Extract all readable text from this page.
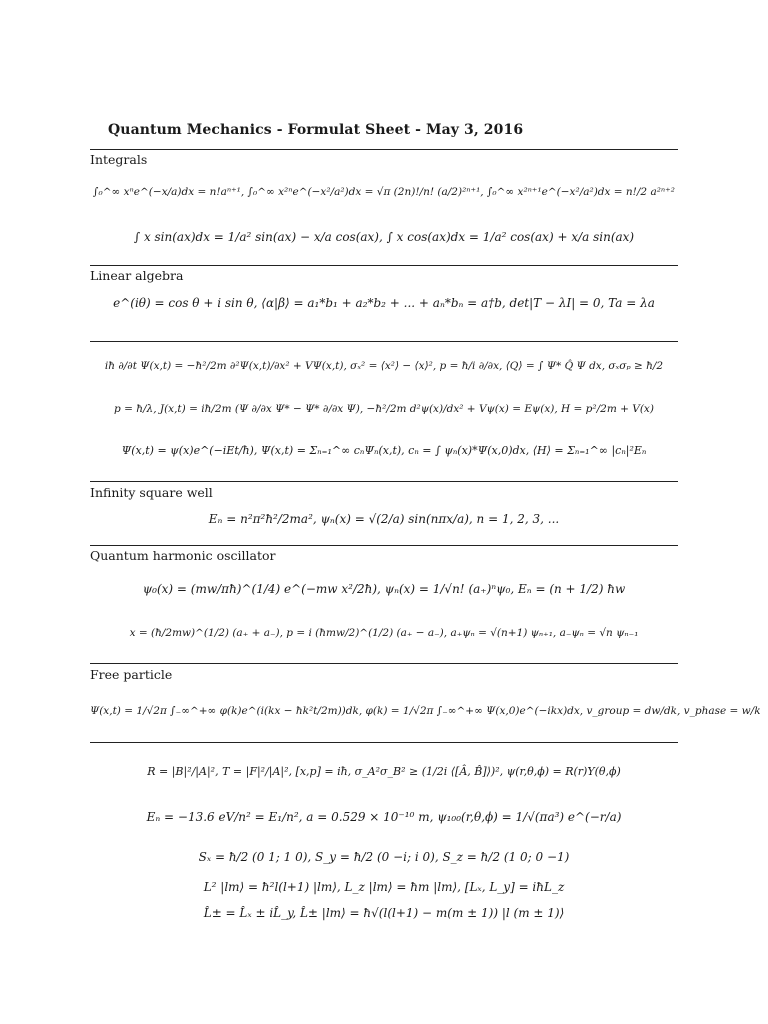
Quantum Mechanics - Formulat Sheet - May 3, 2016
Integrals
∫₀^∞ xⁿe^(−x/a)dx = n!aⁿ⁺¹, ∫₀^∞ x²ⁿe^(−x²/a²)dx = √π (2n)!/n! (a/2)²ⁿ⁺¹, ∫₀^∞ x²ⁿ⁺¹e^(−x²/a²)dx = n!/2 a²ⁿ⁺²
∫ x sin(ax)dx = 1/a² sin(ax) − x/a cos(ax), ∫ x cos(ax)dx = 1/a² cos(ax) + x/a sin(ax)
Linear algebra
e^(iθ) = cos θ + i sin θ, ⟨α|β⟩ = a₁*b₁ + a₂*b₂ + ... + aₙ*bₙ = a†b, det|T − λI| = 0, Ta = λa
iħ ∂/∂t Ψ(x,t) = −ħ²/2m ∂²Ψ(x,t)/∂x² + VΨ(x,t), σₓ² = ⟨x²⟩ − ⟨x⟩², p = ħ/i ∂/∂x, ⟨Q⟩ = ∫ Ψ* Q̂ Ψ dx, σₓσₚ ≥ ħ/2
p = ħ/λ, J(x,t) = iħ/2m (Ψ ∂/∂x Ψ* − Ψ* ∂/∂x Ψ), −ħ²/2m d²ψ(x)/dx² + Vψ(x) = Eψ(x), H = p²/2m + V(x)
Ψ(x,t) = ψ(x)e^(−iEt/ħ), Ψ(x,t) = Σₙ₌₁^∞ cₙΨₙ(x,t), cₙ = ∫ ψₙ(x)*Ψ(x,0)dx, ⟨H⟩ = Σₙ₌₁^∞ |cₙ|²Eₙ
Infinity square well
Eₙ = n²π²ħ²/2ma², ψₙ(x) = √(2/a) sin(nπx/a), n = 1, 2, 3, ...
Quantum harmonic oscillator
ψ₀(x) = (mw/πħ)^(1/4) e^(−mw x²/2ħ), ψₙ(x) = 1/√n! (a₊)ⁿψ₀, Eₙ = (n + 1/2) ħw
x = (ħ/2mw)^(1/2) (a₊ + a₋), p = i (ħmw/2)^(1/2) (a₊ − a₋), a₊ψₙ = √(n+1) ψₙ₊₁, a₋ψₙ = √n ψₙ₋₁
Free particle
Ψ(x,t) = 1/√2π ∫₋∞^+∞ φ(k)e^(i(kx − ħk²t/2m))dk, φ(k) = 1/√2π ∫₋∞^+∞ Ψ(x,0)e^(−ikx)dx, v_group = dw/dk, v_phase = w/k
R = |B|²/|A|², T = |F|²/|A|², [x,p] = iħ, σ_A²σ_B² ≥ (1/2i ⟨[Â, B̂]⟩)², ψ(r,θ,ϕ) = R(r)Y(θ,ϕ)
Eₙ = −13.6 eV/n² = E₁/n², a = 0.529 × 10⁻¹⁰ m, ψ₁₀₀(r,θ,ϕ) = 1/√(πa³) e^(−r/a)
Sₓ = ħ/2 (0 1; 1 0), S_y = ħ/2 (0 −i; i 0), S_z = ħ/2 (1 0; 0 −1)
L² |lm⟩ = ħ²l(l+1) |lm⟩, L_z |lm⟩ = ħm |lm⟩, [Lₓ, L_y] = iħL_z
L̂± = L̂ₓ ± iL̂_y, L̂± |lm⟩ = ħ√(l(l+1) − m(m ± 1)) |l (m ± 1)⟩
